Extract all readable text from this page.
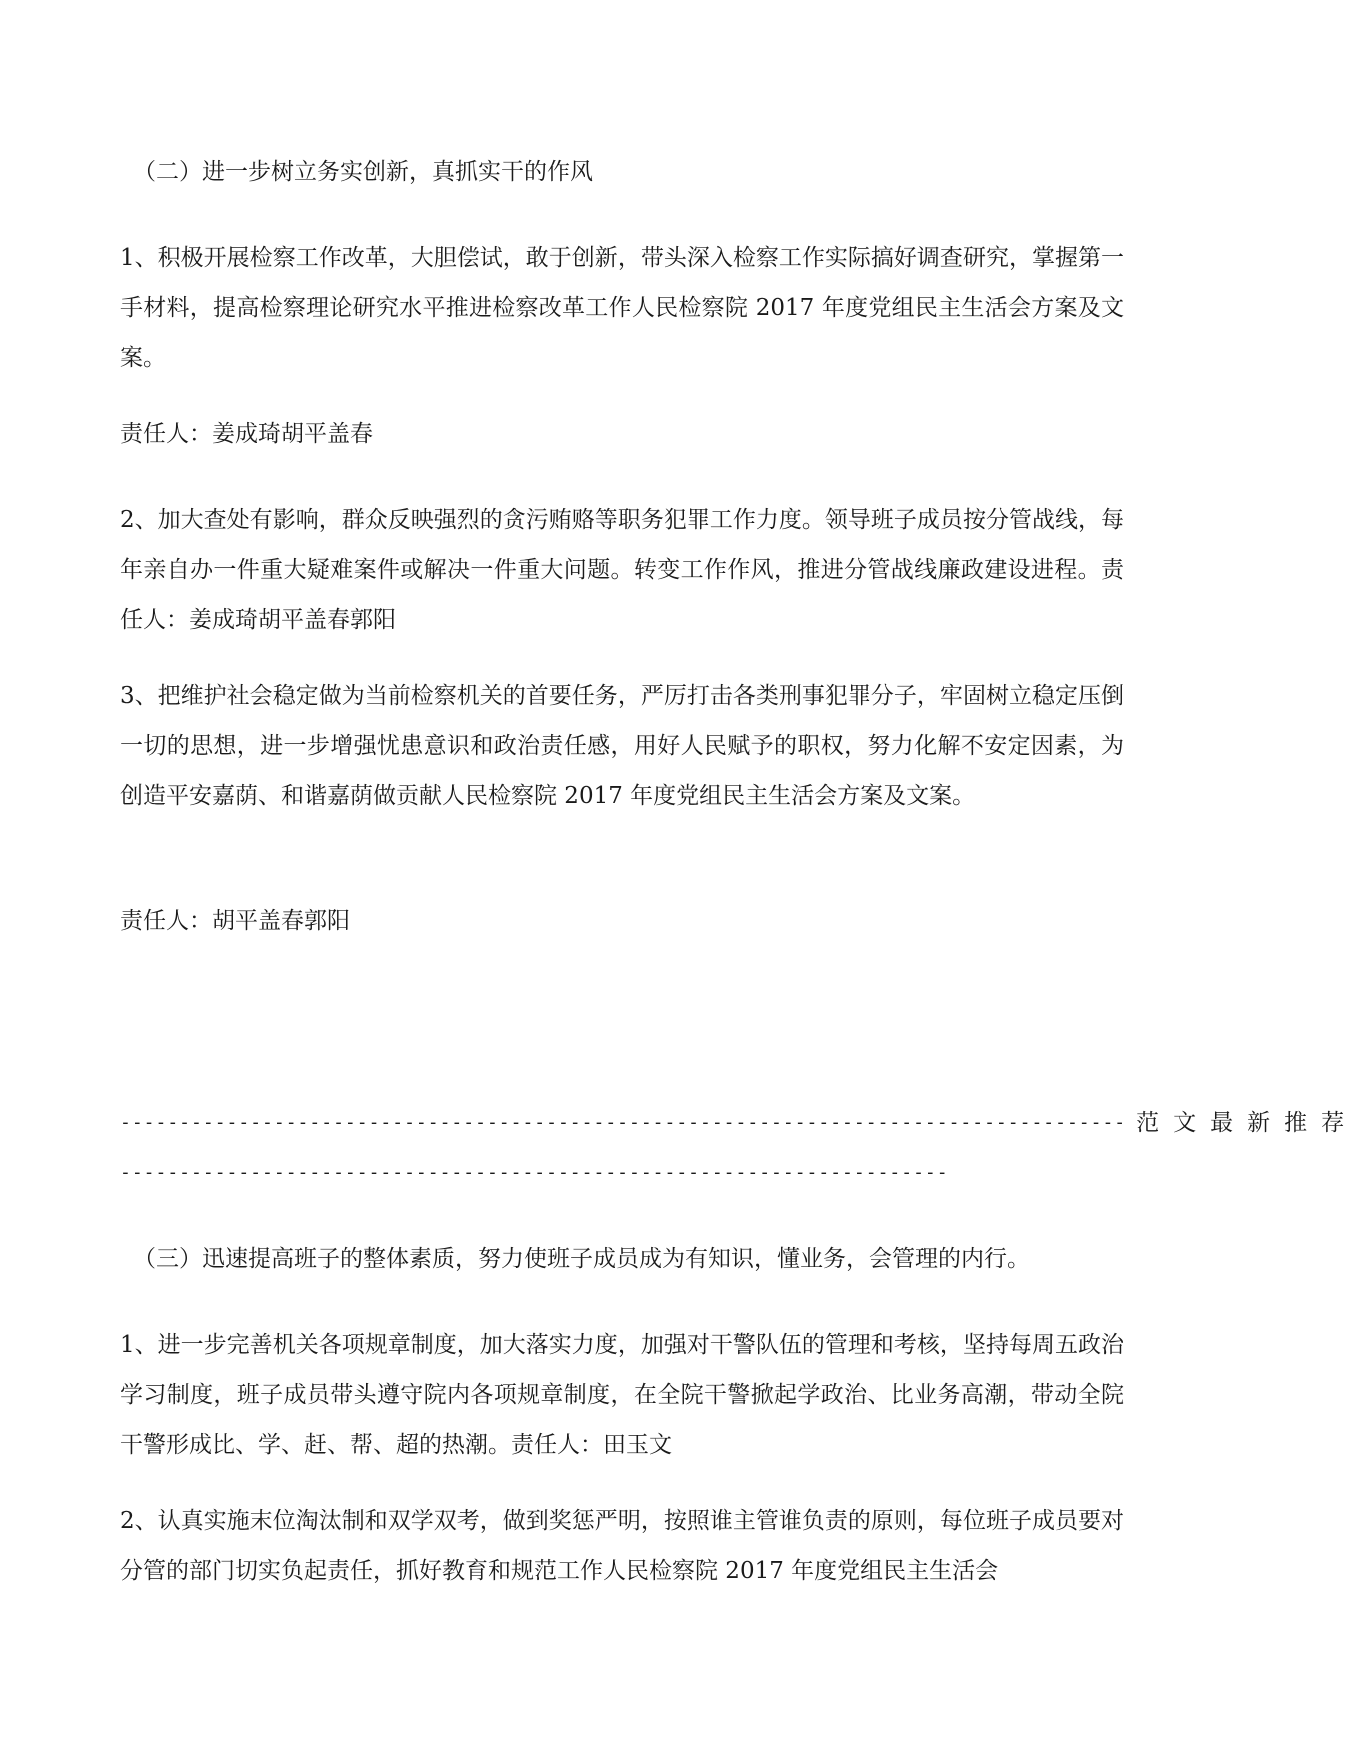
（二）进一步树立务实创新，真抓实干的作风
1、积极开展检察工作改革，大胆偿试，敢于创新，带头深入检察工作实际搞好调查研究，掌握第一手材料，提高检察理论研究水平推进检察改革工作人民检察院 2017 年度党组民主生活会方案及文案。
责任人：姜成琦胡平盖春
2、加大查处有影响，群众反映强烈的贪污贿赂等职务犯罪工作力度。领导班子成员按分管战线，每年亲自办一件重大疑难案件或解决一件重大问题。转变工作作风，推进分管战线廉政建设进程。责任人：姜成琦胡平盖春郭阳
3、把维护社会稳定做为当前检察机关的首要任务，严厉打击各类刑事犯罪分子，牢固树立稳定压倒一切的思想，进一步增强忧患意识和政治责任感，用好人民赋予的职权，努力化解不安定因素，为创造平安嘉荫、和谐嘉荫做贡献人民检察院 2017 年度党组民主生活会方案及文案。
责任人：胡平盖春郭阳
------------------------------------------------------------------------------------- 范文最新推荐
----------------------------------------------------------------------
（三）迅速提高班子的整体素质，努力使班子成员成为有知识，懂业务，会管理的内行。
1、进一步完善机关各项规章制度，加大落实力度，加强对干警队伍的管理和考核，坚持每周五政治学习制度，班子成员带头遵守院内各项规章制度，在全院干警掀起学政治、比业务高潮，带动全院干警形成比、学、赶、帮、超的热潮。责任人：田玉文
2、认真实施末位淘汰制和双学双考，做到奖惩严明，按照谁主管谁负责的原则，每位班子成员要对分管的部门切实负起责任，抓好教育和规范工作人民检察院 2017 年度党组民主生活会
